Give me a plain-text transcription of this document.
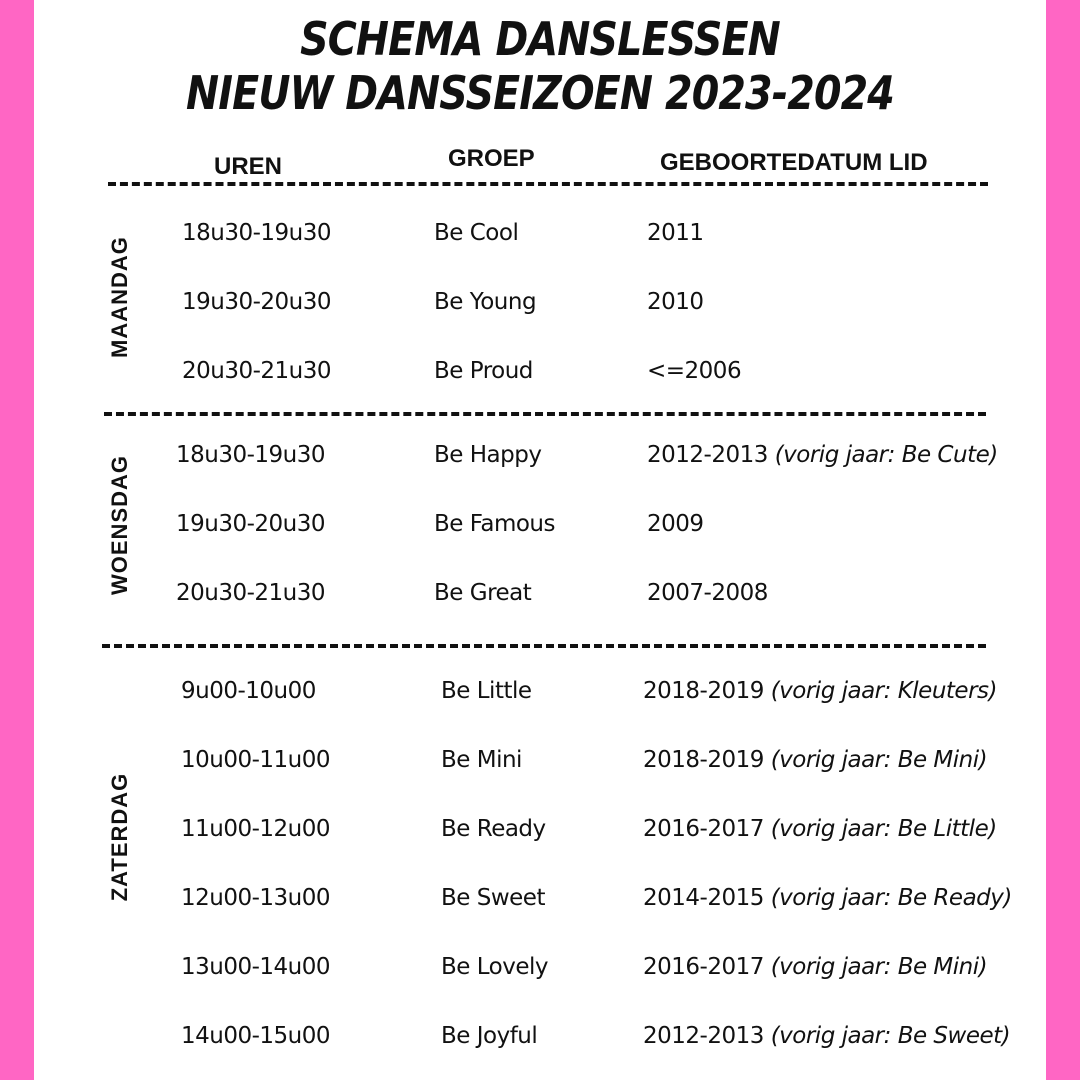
SCHEMA DANSLESSEN
NIEUW DANSSEIZOEN 2023-2024
UREN	GROEP	GEBOORTEDATUM LID
MAANDAG
18u30-19u30	Be Cool	2011
19u30-20u30	Be Young	2010
20u30-21u30	Be Proud	<=2006
WOENSDAG 18u30-19u30	Be Happy	2012-2013 (vorig jaar: Be Cute)
19u30-20u30	Be Famous	2009
20u30-21u30	Be Great	2007-2008
ZATERDAG
9u00-10u00	Be Little	2018-2019 (vorig jaar: Kleuters)
10u00-11u00	Be Mini	2018-2019 (vorig jaar: Be Mini)
11u00-12u00	Be Ready	2016-2017 (vorig jaar: Be Little)
12u00-13u00	Be Sweet	2014-2015 (vorig jaar: Be Ready)
13u00-14u00	Be Lovely	2016-2017 (vorig jaar: Be Mini)
14u00-15u00	Be Joyful	2012-2013 (vorig jaar: Be Sweet)
